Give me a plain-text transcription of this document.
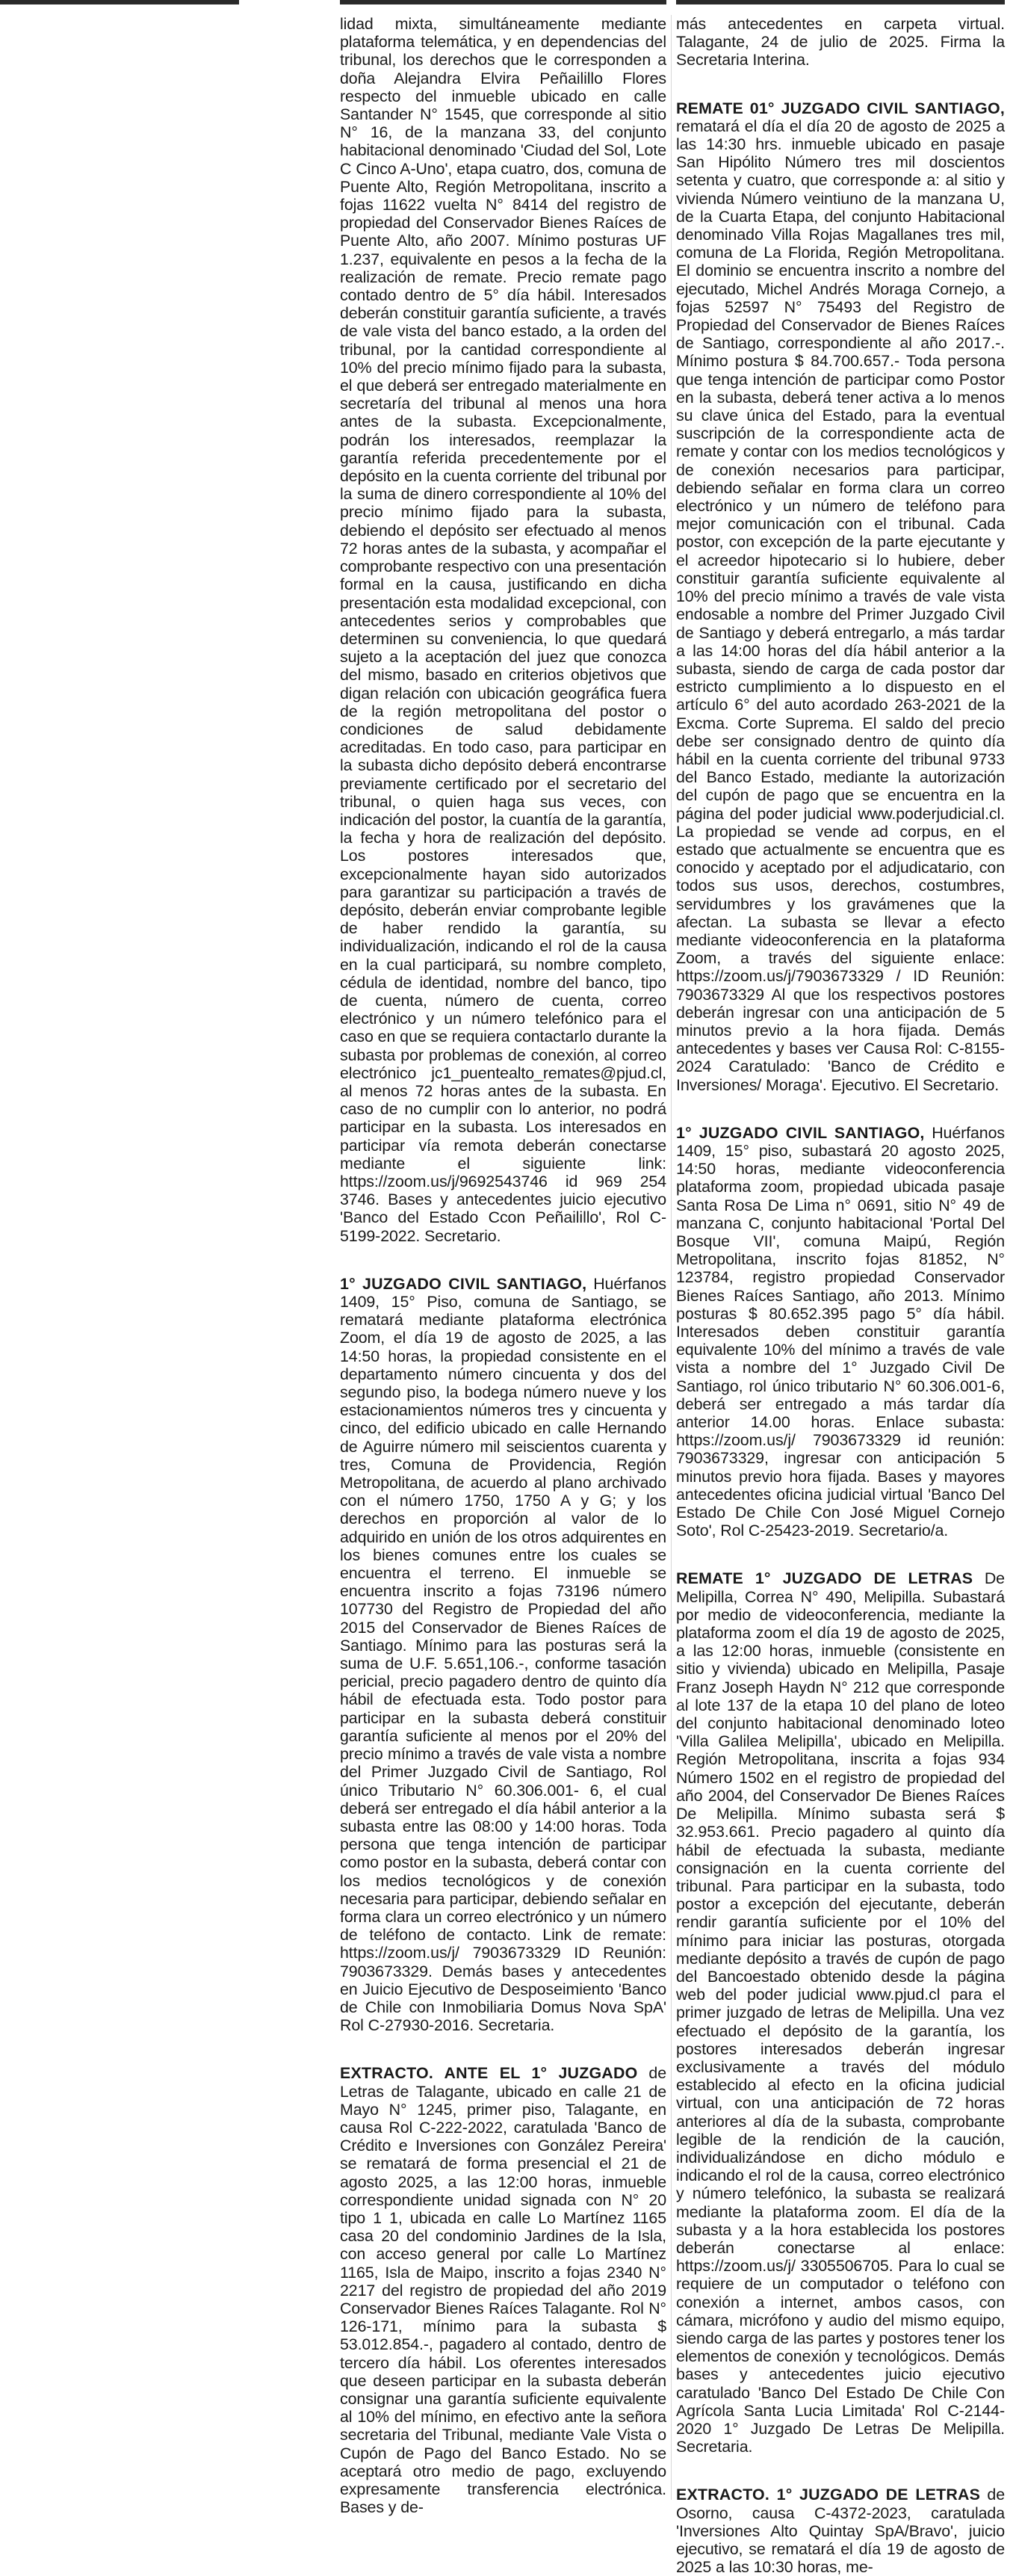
lidad mixta, simultáneamente mediante plataforma telemática, y en dependencias del tribunal, los derechos que le corresponden a doña Alejandra Elvira Peñailillo Flores respecto del inmueble ubicado en calle Santander N° 1545, que corresponde al sitio N° 16, de la manzana 33, del conjunto habitacional denominado 'Ciudad del Sol, Lote C Cinco A-Uno', etapa cuatro, dos, comuna de Puente Alto, Región Metropolitana, inscrito a fojas 11622 vuelta N° 8414 del registro de propiedad del Conservador Bienes Raíces de Puente Alto, año 2007. Mínimo posturas UF 1.237, equivalente en pesos a la fecha de la realización de remate. Precio remate pago contado dentro de 5° día hábil. Interesados deberán constituir garantía suficiente, a través de vale vista del banco estado, a la orden del tribunal, por la cantidad correspondiente al 10% del precio mínimo fijado para la subasta, el que deberá ser entregado materialmente en secretaría del tribunal al menos una hora antes de la subasta. Excepcionalmente, podrán los interesados, reemplazar la garantía referida precedentemente por el depósito en la cuenta corriente del tribunal por la suma de dinero correspondiente al 10% del precio mínimo fijado para la subasta, debiendo el depósito ser efectuado al menos 72 horas antes de la subasta, y acompañar el comprobante respectivo con una presentación formal en la causa, justificando en dicha presentación esta modalidad excepcional, con antecedentes serios y comprobables que determinen su conveniencia, lo que quedará sujeto a la aceptación del juez que conozca del mismo, basado en criterios objetivos que digan relación con ubicación geográfica fuera de la región metropolitana del postor o condiciones de salud debidamente acreditadas. En todo caso, para participar en la subasta dicho depósito deberá encontrarse previamente certificado por el secretario del tribunal, o quien haga sus veces, con indicación del postor, la cuantía de la garantía, la fecha y hora de realización del depósito. Los postores interesados que, excepcionalmente hayan sido autorizados para garantizar su participación a través de depósito, deberán enviar comprobante legible de haber rendido la garantía, su individualización, indicando el rol de la causa en la cual participará, su nombre completo, cédula de identidad, nombre del banco, tipo de cuenta, número de cuenta, correo electrónico y un número telefónico para el caso en que se requiera contactarlo durante la subasta por problemas de conexión, al correo electrónico jc1_puentealto_remates@pjud.cl, al menos 72 horas antes de la subasta. En caso de no cumplir con lo anterior, no podrá participar en la subasta. Los interesados en participar vía remota deberán conectarse mediante el siguiente link: https://zoom.us/j/9692543746 id 969 254 3746. Bases y antecedentes juicio ejecutivo 'Banco del Estado Ccon Peñailillo', Rol C-5199-2022. Secretario.

1° JUZGADO CIVIL SANTIAGO, Huérfanos 1409, 15° Piso, comuna de Santiago, se rematará mediante plataforma electrónica Zoom, el día 19 de agosto de 2025, a las 14:50 horas, la propiedad consistente en el departamento número cincuenta y dos del segundo piso, la bodega número nueve y los estacionamientos números tres y cincuenta y cinco, del edificio ubicado en calle Hernando de Aguirre número mil seiscientos cuarenta y tres, Comuna de Providencia, Región Metropolitana, de acuerdo al plano archivado con el número 1750, 1750 A y G; y los derechos en proporción al valor de lo adquirido en unión de los otros adquirentes en los bienes comunes entre los cuales se encuentra el terreno. El inmueble se encuentra inscrito a fojas 73196 número 107730 del Registro de Propiedad del año 2015 del Conservador de Bienes Raíces de Santiago. Mínimo para las posturas será la suma de U.F. 5.651,106.-, conforme tasación pericial, precio pagadero dentro de quinto día hábil de efectuada esta. Todo postor para participar en la subasta deberá constituir garantía suficiente al menos por el 20% del precio mínimo a través de vale vista a nombre del Primer Juzgado Civil de Santiago, Rol único Tributario N° 60.306.001- 6, el cual deberá ser entregado el día hábil anterior a la subasta entre las 08:00 y 14:00 horas. Toda persona que tenga intención de participar como postor en la subasta, deberá contar con los medios tecnológicos y de conexión necesaria para participar, debiendo señalar en forma clara un correo electrónico y un número de teléfono de contacto. Link de remate: https://zoom.us/j/ 7903673329 ID Reunión: 7903673329. Demás bases y antecedentes en Juicio Ejecutivo de Desposeimiento 'Banco de Chile con Inmobiliaria Domus Nova SpA' Rol C-27930-2016. Secretaria.

EXTRACTO. ANTE EL 1° JUZGADO de Letras de Talagante, ubicado en calle 21 de Mayo N° 1245, primer piso, Talagante, en causa Rol C-222-2022, caratulada 'Banco de Crédito e Inversiones con González Pereira' se rematará de forma presencial el 21 de agosto 2025, a las 12:00 horas, inmueble correspondiente unidad signada con N° 20 tipo 1 1, ubicada en calle Lo Martínez 1165 casa 20 del condominio Jardines de la Isla, con acceso general por calle Lo Martínez 1165, Isla de Maipo, inscrito a fojas 2340 N° 2217 del registro de propiedad del año 2019 Conservador Bienes Raíces Talagante. Rol N° 126-171, mínimo para la subasta $ 53.012.854.-, pagadero al contado, dentro de tercero día hábil. Los oferentes interesados que deseen participar en la subasta deberán consignar una garantía suficiente equivalente al 10% del mínimo, en efectivo ante la señora secretaria del Tribunal, mediante Vale Vista o Cupón de Pago del Banco Estado. No se aceptará otro medio de pago, excluyendo expresamente transferencia electrónica. Bases y de-

más antecedentes en carpeta virtual. Talagante, 24 de julio de 2025. Firma la Secretaria Interina.

REMATE 01° JUZGADO CIVIL SANTIAGO, rematará el día el día 20 de agosto de 2025 a las 14:30 hrs. inmueble ubicado en pasaje San Hipólito Número tres mil doscientos setenta y cuatro, que corresponde a: al sitio y vivienda Número veintiuno de la manzana U, de la Cuarta Etapa, del conjunto Habitacional denominado Villa Rojas Magallanes tres mil, comuna de La Florida, Región Metropolitana. El dominio se encuentra inscrito a nombre del ejecutado, Michel Andrés Moraga Cornejo, a fojas 52597 N° 75493 del Registro de Propiedad del Conservador de Bienes Raíces de Santiago, correspondiente al año 2017.-. Mínimo postura $ 84.700.657.- Toda persona que tenga intención de participar como Postor en la subasta, deberá tener activa a lo menos su clave única del Estado, para la eventual suscripción de la correspondiente acta de remate y contar con los medios tecnológicos y de conexión necesarios para participar, debiendo señalar en forma clara un correo electrónico y un número de teléfono para mejor comunicación con el tribunal. Cada postor, con excepción de la parte ejecutante y el acreedor hipotecario si lo hubiere, deber constituir garantía suficiente equivalente al 10% del precio mínimo a través de vale vista endosable a nombre del Primer Juzgado Civil de Santiago y deberá entregarlo, a más tardar a las 14:00 horas del día hábil anterior a la subasta, siendo de carga de cada postor dar estricto cumplimiento a lo dispuesto en el artículo 6° del auto acordado 263-2021 de la Excma. Corte Suprema. El saldo del precio debe ser consignado dentro de quinto día hábil en la cuenta corriente del tribunal 9733 del Banco Estado, mediante la autorización del cupón de pago que se encuentra en la página del poder judicial www.poderjudicial.cl. La propiedad se vende ad corpus, en el estado que actualmente se encuentra que es conocido y aceptado por el adjudicatario, con todos sus usos, derechos, costumbres, servidumbres y los gravámenes que la afectan. La subasta se llevar a efecto mediante videoconferencia en la plataforma Zoom, a través del siguiente enlace: https://zoom.us/j/7903673329 / ID Reunión: 7903673329 Al que los respectivos postores deberán ingresar con una anticipación de 5 minutos previo a la hora fijada. Demás antecedentes y bases ver Causa Rol: C-8155-2024 Caratulado: 'Banco de Crédito e Inversiones/ Moraga'. Ejecutivo. El Secretario.

1° JUZGADO CIVIL SANTIAGO, Huérfanos 1409, 15° piso, subastará 20 agosto 2025, 14:50 horas, mediante videoconferencia plataforma zoom, propiedad ubicada pasaje Santa Rosa De Lima n° 0691, sitio N° 49 de manzana C, conjunto habitacional 'Portal Del Bosque VII', comuna Maipú, Región Metropolitana, inscrito fojas 81852, N° 123784, registro propiedad Conservador Bienes Raíces Santiago, año 2013. Mínimo posturas $ 80.652.395 pago 5° día hábil. Interesados deben constituir garantía equivalente 10% del mínimo a través de vale vista a nombre del 1° Juzgado Civil De Santiago, rol único tributario N° 60.306.001-6, deberá ser entregado a más tardar día anterior 14.00 horas. Enlace subasta: https://zoom.us/j/ 7903673329 id reunión: 7903673329, ingresar con anticipación 5 minutos previo hora fijada. Bases y mayores antecedentes oficina judicial virtual 'Banco Del Estado De Chile Con José Miguel Cornejo Soto', Rol C-25423-2019. Secretario/a.

REMATE 1° JUZGADO DE LETRAS De Melipilla, Correa N° 490, Melipilla. Subastará por medio de videoconferencia, mediante la plataforma zoom el día 19 de agosto de 2025, a las 12:00 horas, inmueble (consistente en sitio y vivienda) ubicado en Melipilla, Pasaje Franz Joseph Haydn N° 212 que corresponde al lote 137 de la etapa 10 del plano de loteo del conjunto habitacional denominado loteo 'Villa Galilea Melipilla', ubicado en Melipilla. Región Metropolitana, inscrita a fojas 934 Número 1502 en el registro de propiedad del año 2004, del Conservador De Bienes Raíces De Melipilla. Mínimo subasta será $ 32.953.661. Precio pagadero al quinto día hábil de efectuada la subasta, mediante consignación en la cuenta corriente del tribunal. Para participar en la subasta, todo postor a excepción del ejecutante, deberán rendir garantía suficiente por el 10% del mínimo para iniciar las posturas, otorgada mediante depósito a través de cupón de pago del Bancoestado obtenido desde la página web del poder judicial www.pjud.cl para el primer juzgado de letras de Melipilla. Una vez efectuado el depósito de la garantía, los postores interesados deberán ingresar exclusivamente a través del módulo establecido al efecto en la oficina judicial virtual, con una anticipación de 72 horas anteriores al día de la subasta, comprobante legible de la rendición de la caución, individualizándose en dicho módulo e indicando el rol de la causa, correo electrónico y número telefónico, la subasta se realizará mediante la plataforma zoom. El día de la subasta y a la hora establecida los postores deberán conectarse al enlace: https://zoom.us/j/ 3305506705. Para lo cual se requiere de un computador o teléfono con conexión a internet, ambos casos, con cámara, micrófono y audio del mismo equipo, siendo carga de las partes y postores tener los elementos de conexión y tecnológicos. Demás bases y antecedentes juicio ejecutivo caratulado 'Banco Del Estado De Chile Con Agrícola Santa Lucia Limitada' Rol C-2144-2020 1° Juzgado De Letras De Melipilla. Secretaria.

EXTRACTO. 1° JUZGADO DE LETRAS de Osorno, causa C-4372-2023, caratulada 'Inversiones Alto Quintay SpA/Bravo', juicio ejecutivo, se rematará el día 19 de agosto de 2025 a las 10:30 horas, me-
